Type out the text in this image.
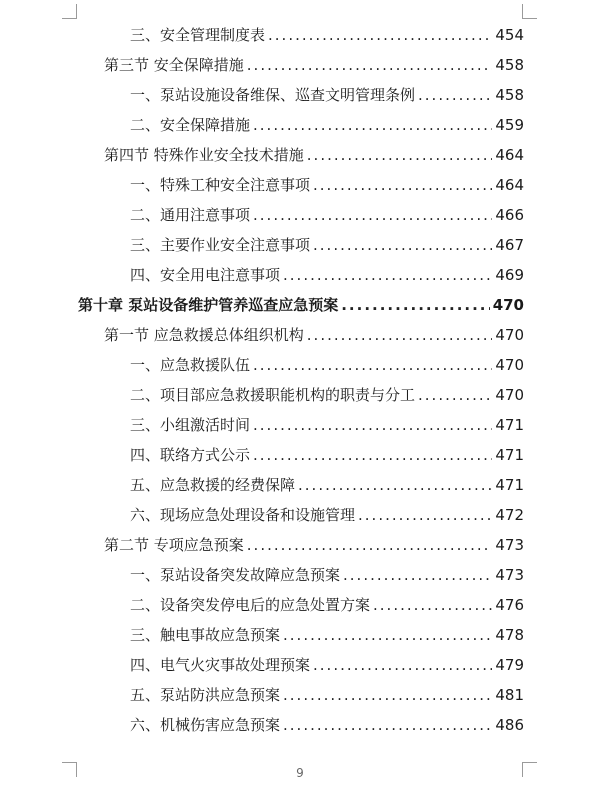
三、安全管理制度表 .....	454
第三节 安全保障措施 .....	458
一、泵站设施设备维保、巡查文明管理条例 .....	458
二、安全保障措施 .....	459
第四节 特殊作业安全技术措施 .....	464
一、特殊工种安全注意事项 .....	464
二、通用注意事项 .....	466
三、主要作业安全注意事项 .....	467
四、安全用电注意事项 .....	469
第十章 泵站设备维护管养巡查应急预案 .....	470
第一节 应急救援总体组织机构 .....	470
一、应急救援队伍 .....	470
二、项目部应急救援职能机构的职责与分工 .....	470
三、小组激活时间 .....	471
四、联络方式公示 .....	471
五、应急救援的经费保障 .....	471
六、现场应急处理设备和设施管理 .....	472
第二节 专项应急预案 .....	473
一、泵站设备突发故障应急预案 .....	473
二、设备突发停电后的应急处置方案 .....	476
三、触电事故应急预案 .....	478
四、电气火灾事故处理预案 .....	479
五、泵站防洪应急预案 .....	481
六、机械伤害应急预案 .....	486
9
